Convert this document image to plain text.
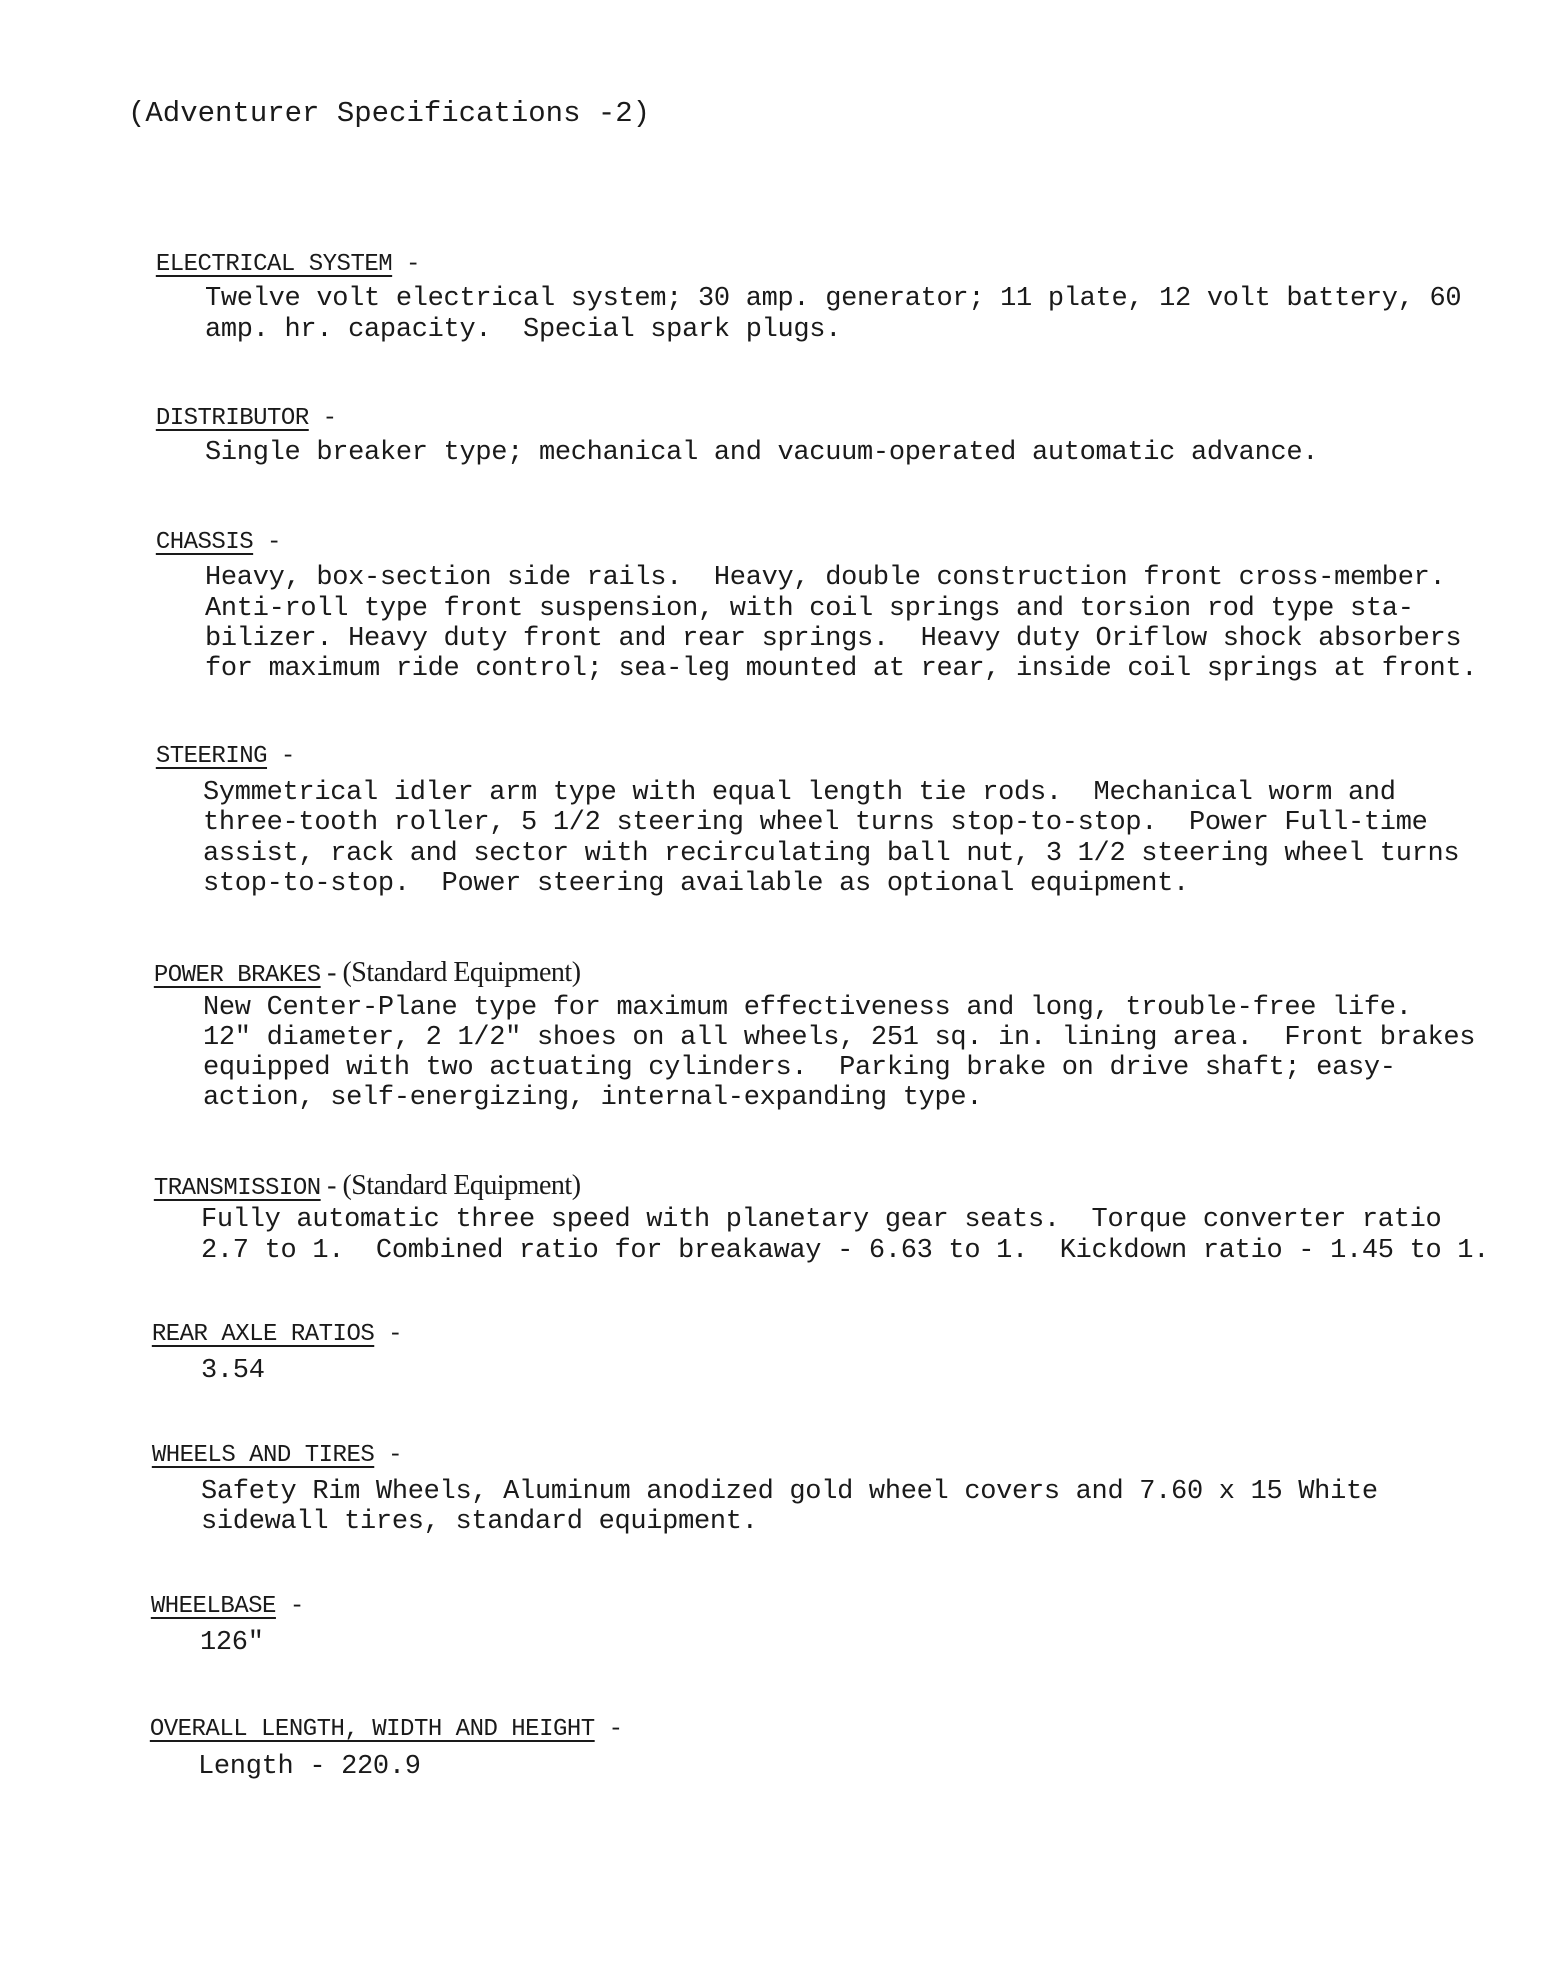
(Adventurer Specifications -2)

ELECTRICAL SYSTEM -

Twelve volt electrical system; 30 amp. generator; 11 plate, 12 volt battery, 60
amp. hr. capacity.  Special spark plugs.

DISTRIBUTOR -

Single breaker type; mechanical and vacuum-operated automatic advance.

CHASSIS -

Heavy, box-section side rails.  Heavy, double construction front cross-member.
Anti-roll type front suspension, with coil springs and torsion rod type sta-
bilizer. Heavy duty front and rear springs.  Heavy duty Oriflow shock absorbers
for maximum ride control; sea-leg mounted at rear, inside coil springs at front.

STEERING -

Symmetrical idler arm type with equal length tie rods.  Mechanical worm and
three-tooth roller, 5 1/2 steering wheel turns stop-to-stop.  Power Full-time
assist, rack and sector with recirculating ball nut, 3 1/2 steering wheel turns
stop-to-stop.  Power steering available as optional equipment.

POWER BRAKES - (Standard Equipment)

New Center-Plane type for maximum effectiveness and long, trouble-free life.
12" diameter, 2 1/2" shoes on all wheels, 251 sq. in. lining area.  Front brakes
equipped with two actuating cylinders.  Parking brake on drive shaft; easy-
action, self-energizing, internal-expanding type.

TRANSMISSION - (Standard Equipment)

Fully automatic three speed with planetary gear seats.  Torque converter ratio
2.7 to 1.  Combined ratio for breakaway - 6.63 to 1.  Kickdown ratio - 1.45 to 1.

REAR AXLE RATIOS -

3.54

WHEELS AND TIRES -

Safety Rim Wheels, Aluminum anodized gold wheel covers and 7.60 x 15 White
sidewall tires, standard equipment.

WHEELBASE -

126"

OVERALL LENGTH, WIDTH AND HEIGHT -

Length - 220.9
